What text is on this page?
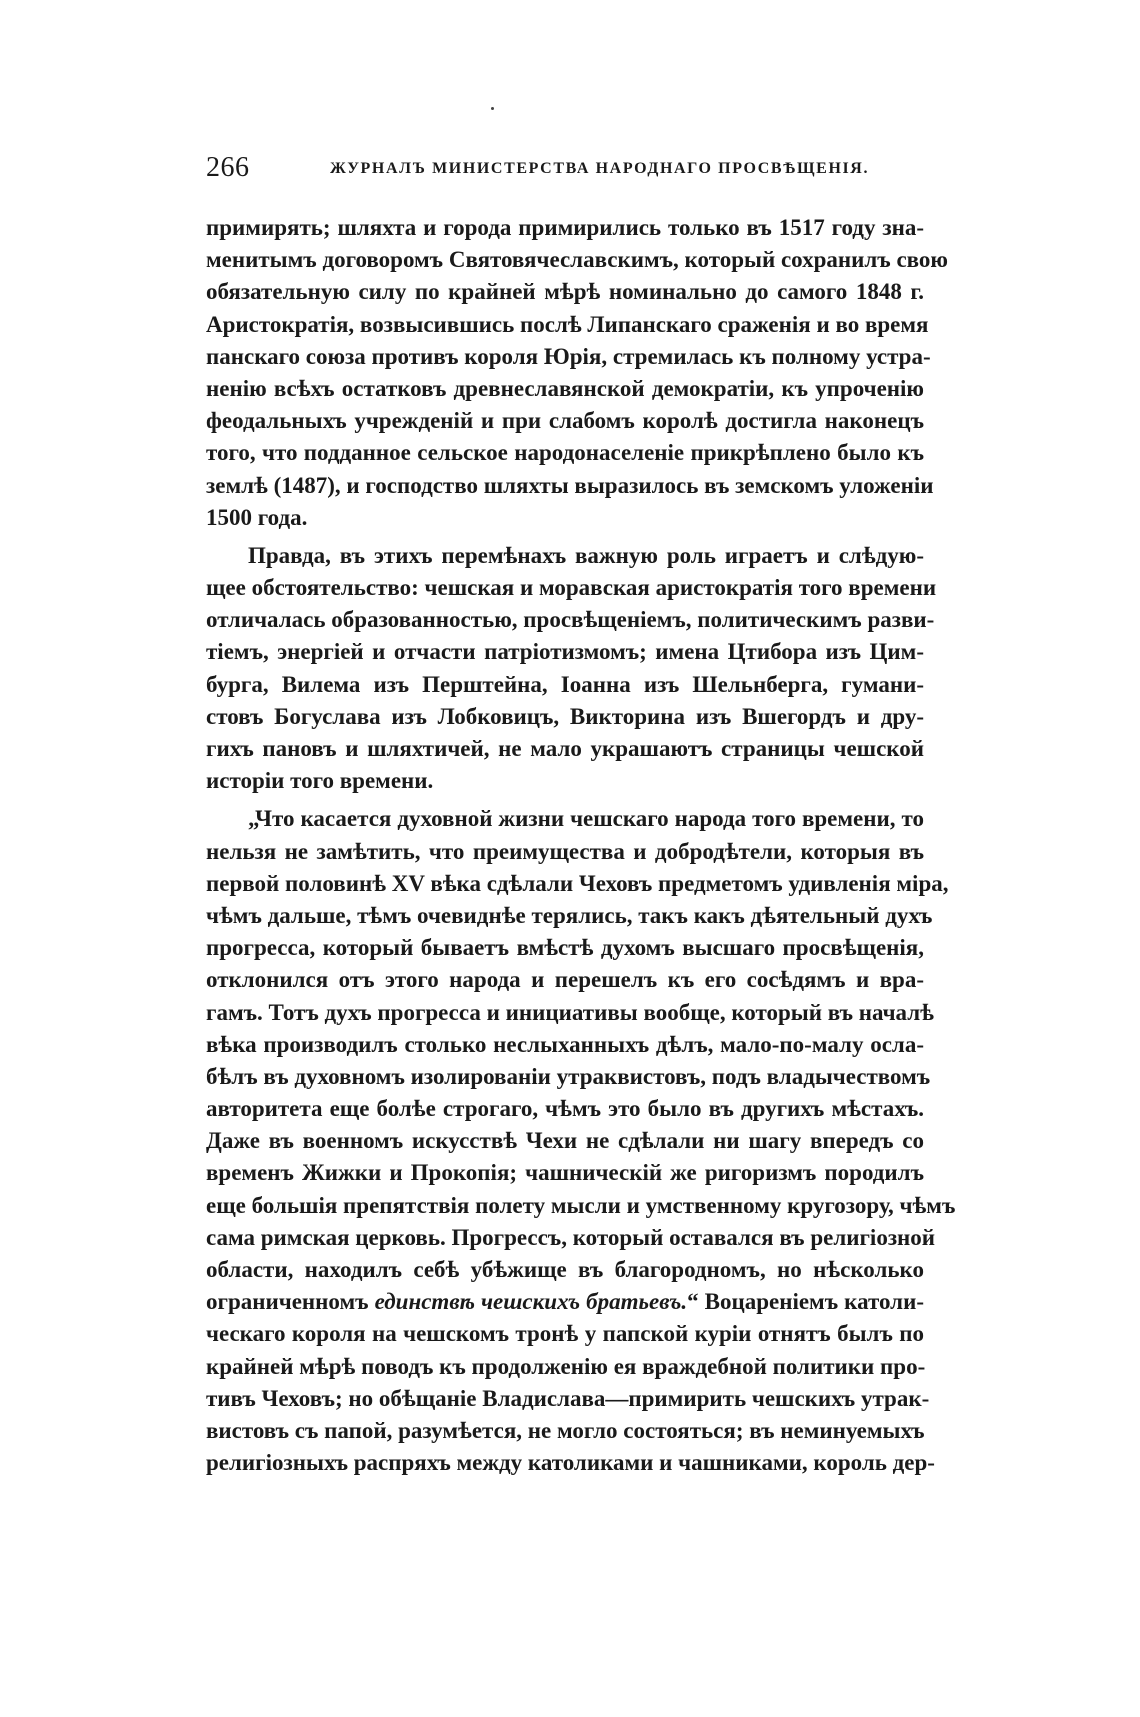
266	ЖУРНАЛЪ МИНИСТЕРСТВА НАРОДНАГО ПРОСВѢЩЕНІЯ.
примирять; шляхта и города примирились только въ 1517 году зна-
менитымъ договоромъ Святовячеславскимъ, который сохранилъ свою
обязательную силу по крайней мѣрѣ номинально до самого 1848 г.
Аристократія, возвысившись послѣ Липанскаго сраженія и во время
панскаго союза противъ короля Юрія, стремилась къ полному устра-
ненію всѣхъ остатковъ древнеславянской демократіи, къ упроченію
феодальныхъ учрежденій и при слабомъ королѣ достигла наконецъ
того, что подданное сельское народонаселеніе прикрѣплено было къ
землѣ (1487), и господство шляхты выразилось въ земскомъ уложеніи
1500 года.
Правда, въ этихъ перемѣнахъ важную роль играетъ и слѣдую-
щее обстоятельство: чешская и моравская аристократія того времени
отличалась образованностью, просвѣщеніемъ, политическимъ разви-
тіемъ, энергіей и отчасти патріотизмомъ; имена Цтибора изъ Цим-
бурга, Вилема изъ Перштейна, Іоанна изъ Шельнберга, гумани-
стовъ Богуслава изъ Лобковицъ, Викторина изъ Вшегордъ и дру-
гихъ пановъ и шляхтичей, не мало украшаютъ страницы чешской
исторіи того времени.
„Что касается духовной жизни чешскаго народа того времени, то
нельзя не замѣтить, что преимущества и добродѣтели, которыя въ
первой половинѣ XV вѣка сдѣлали Чеховъ предметомъ удивленія міра,
чѣмъ дальше, тѣмъ очевиднѣе терялись, такъ какъ дѣятельный духъ
прогресса, который бываетъ вмѣстѣ духомъ высшаго просвѣщенія,
отклонился отъ этого народа и перешелъ къ его сосѣдямъ и вра-
гамъ. Тотъ духъ прогресса и инициативы вообще, который въ началѣ
вѣка производилъ столько неслыханныхъ дѣлъ, мало-по-малу осла-
бѣлъ въ духовномъ изолированіи утраквистовъ, подъ владычествомъ
авторитета еще болѣе строгаго, чѣмъ это было въ другихъ мѣстахъ.
Даже въ военномъ искусствѣ Чехи не сдѣлали ни шагу впередъ со
временъ Жижки и Прокопія; чашническій же ригоризмъ породилъ
еще большія препятствія полету мысли и умственному кругозору, чѣмъ
сама римская церковь. Прогрессъ, который оставался въ религіозной
области, находилъ себѣ убѣжище въ благородномъ, но нѣсколько
ограниченномъ единствѣ чешскихъ братьевъ.“ Воцареніемъ католи-
ческаго короля на чешскомъ тронѣ у папской куріи отнятъ былъ по
крайней мѣрѣ поводъ къ продолженію ея враждебной политики про-
тивъ Чеховъ; но обѣщаніе Владислава—примирить чешскихъ утрак-
вистовъ съ папой, разумѣется, не могло состояться; въ неминуемыхъ
религіозныхъ распряхъ между католиками и чашниками, король дер-
